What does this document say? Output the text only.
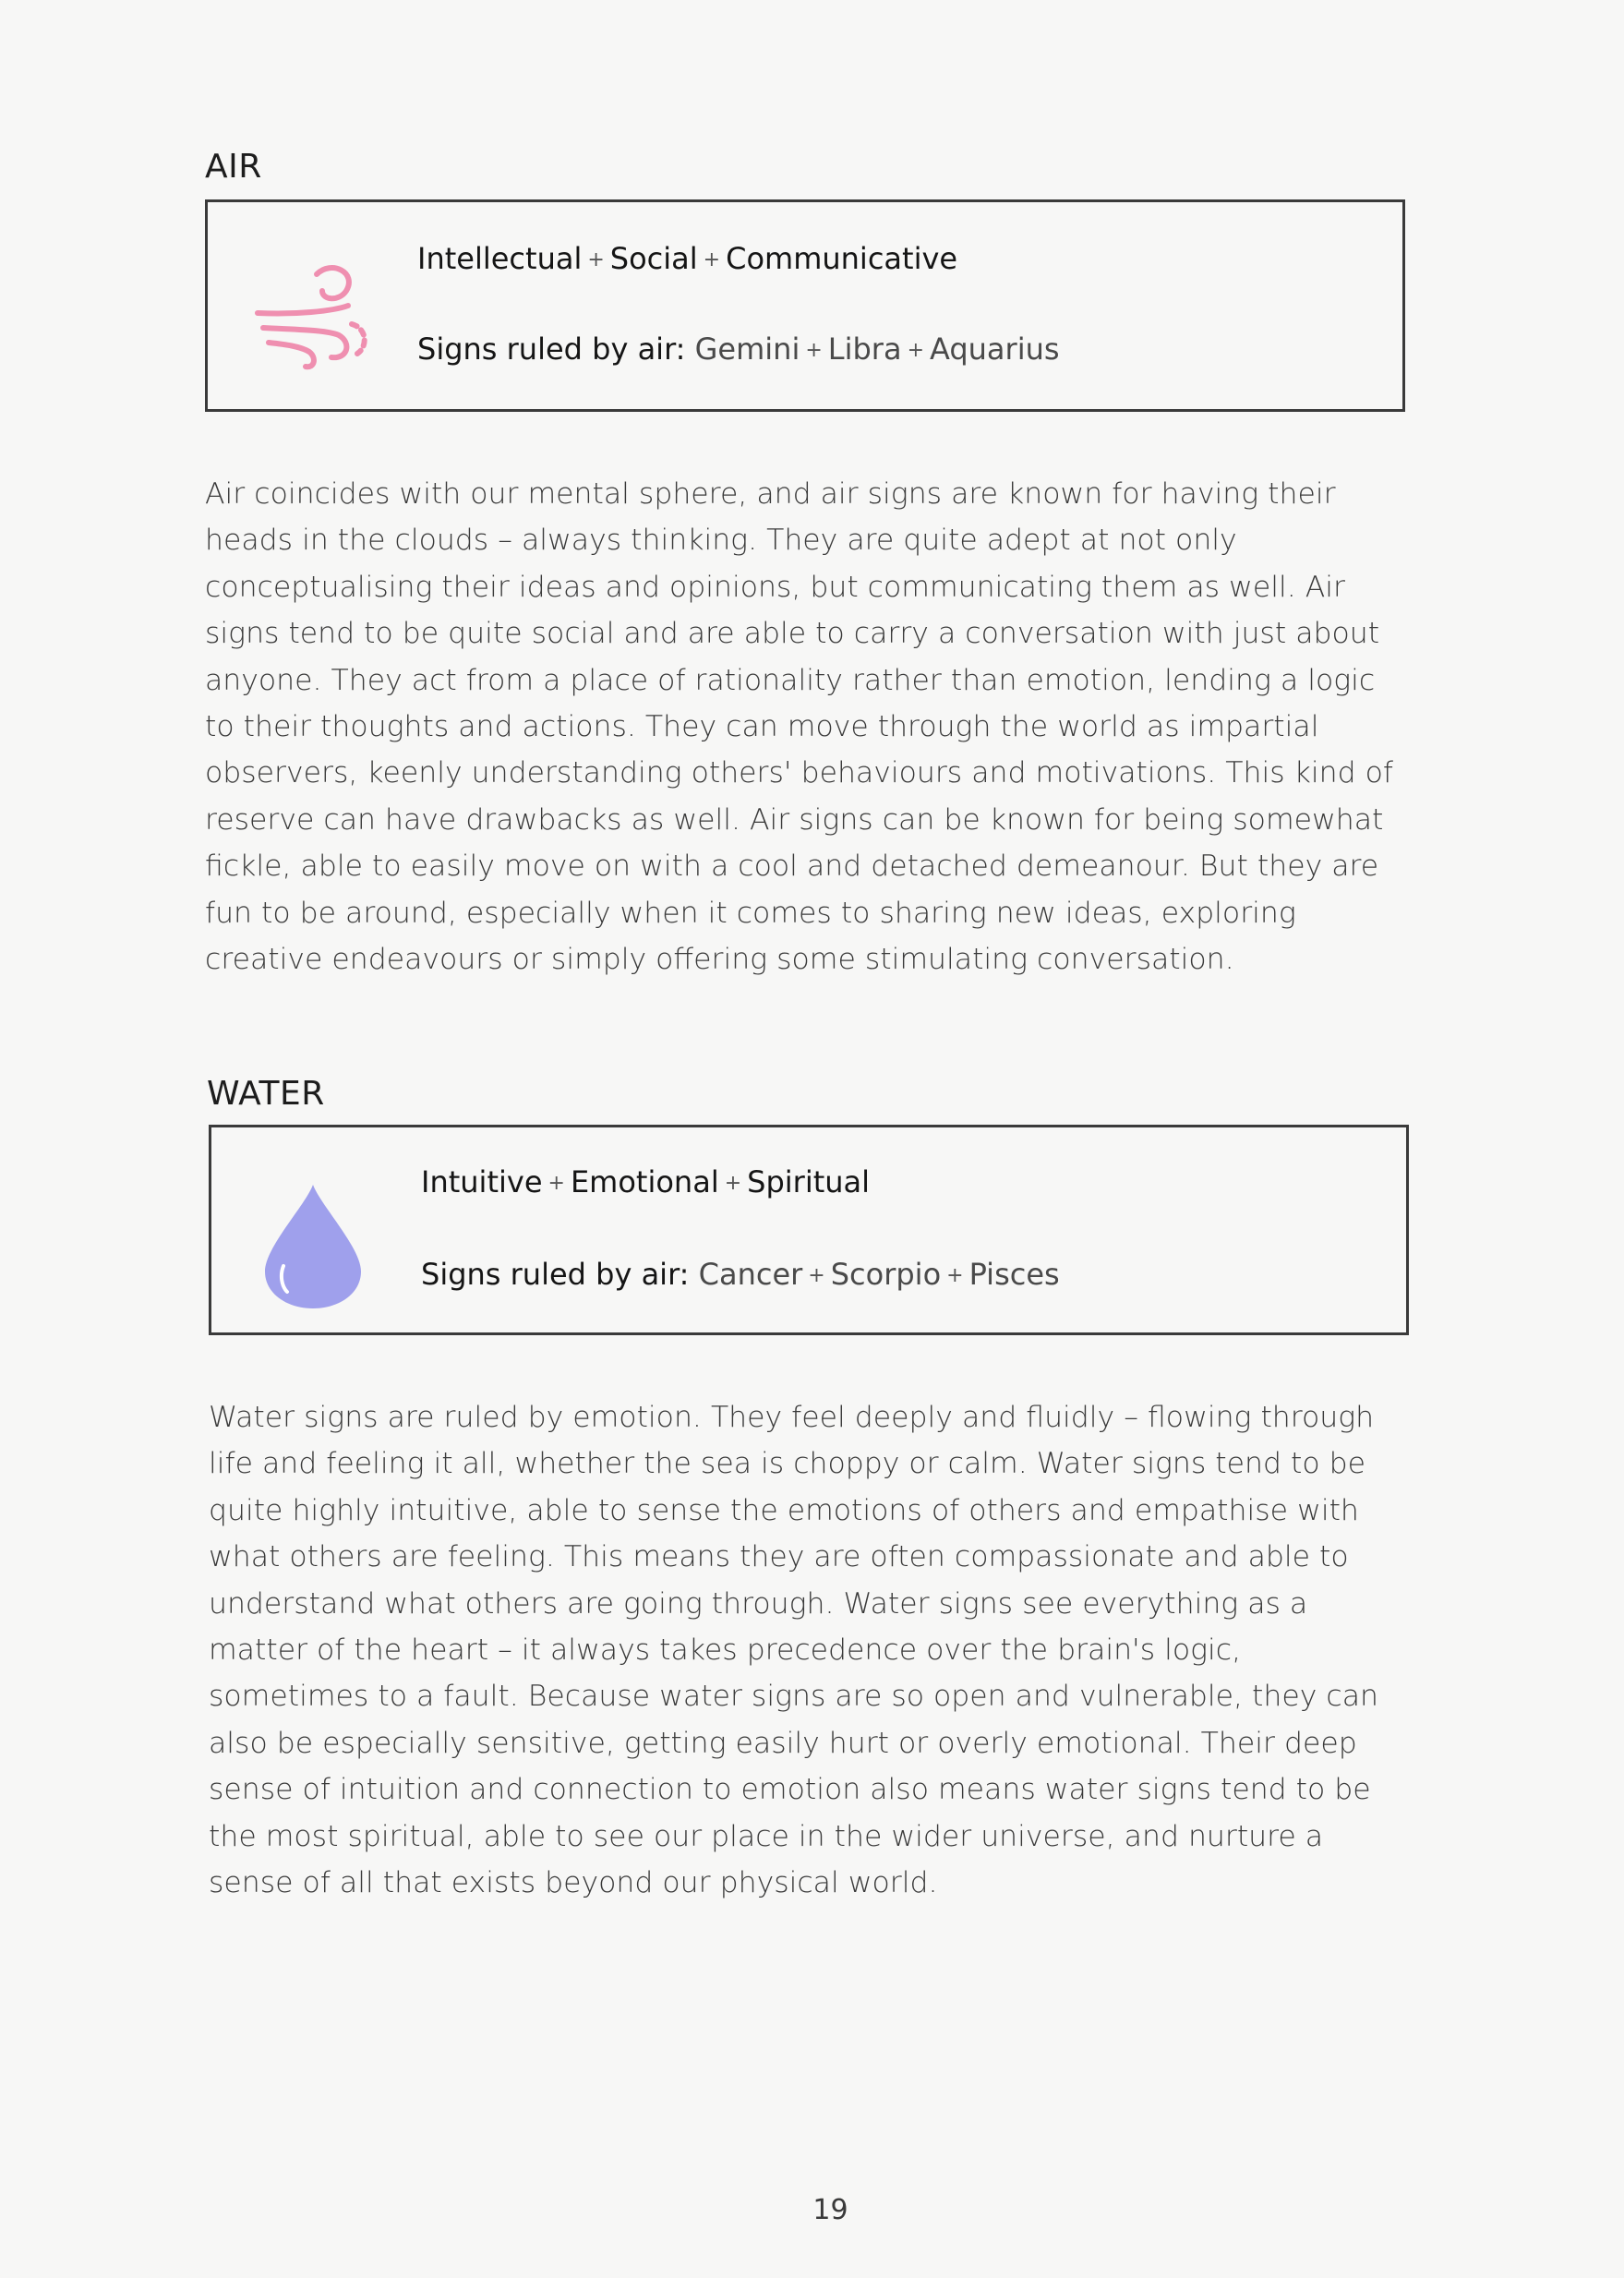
AIR
Intellectual + Social + Communicative
Signs ruled by air: Gemini + Libra + Aquarius

Air coincides with our mental sphere, and air signs are known for having their heads in the clouds – always thinking. They are quite adept at not only conceptualising their ideas and opinions, but communicating them as well. Air signs tend to be quite social and are able to carry a conversation with just about anyone. They act from a place of rationality rather than emotion, lending a logic to their thoughts and actions. They can move through the world as impartial observers, keenly understanding others' behaviours and motivations. This kind of reserve can have drawbacks as well. Air signs can be known for being somewhat fickle, able to easily move on with a cool and detached demeanour. But they are fun to be around, especially when it comes to sharing new ideas, exploring creative endeavours or simply offering some stimulating conversation.

WATER
Intuitive + Emotional + Spiritual
Signs ruled by air: Cancer + Scorpio + Pisces

Water signs are ruled by emotion. They feel deeply and fluidly – flowing through life and feeling it all, whether the sea is choppy or calm. Water signs tend to be quite highly intuitive, able to sense the emotions of others and empathise with what others are feeling. This means they are often compassionate and able to understand what others are going through. Water signs see everything as a matter of the heart – it always takes precedence over the brain's logic, sometimes to a fault. Because water signs are so open and vulnerable, they can also be especially sensitive, getting easily hurt or overly emotional. Their deep sense of intuition and connection to emotion also means water signs tend to be the most spiritual, able to see our place in the wider universe, and nurture a sense of all that exists beyond our physical world.

19
